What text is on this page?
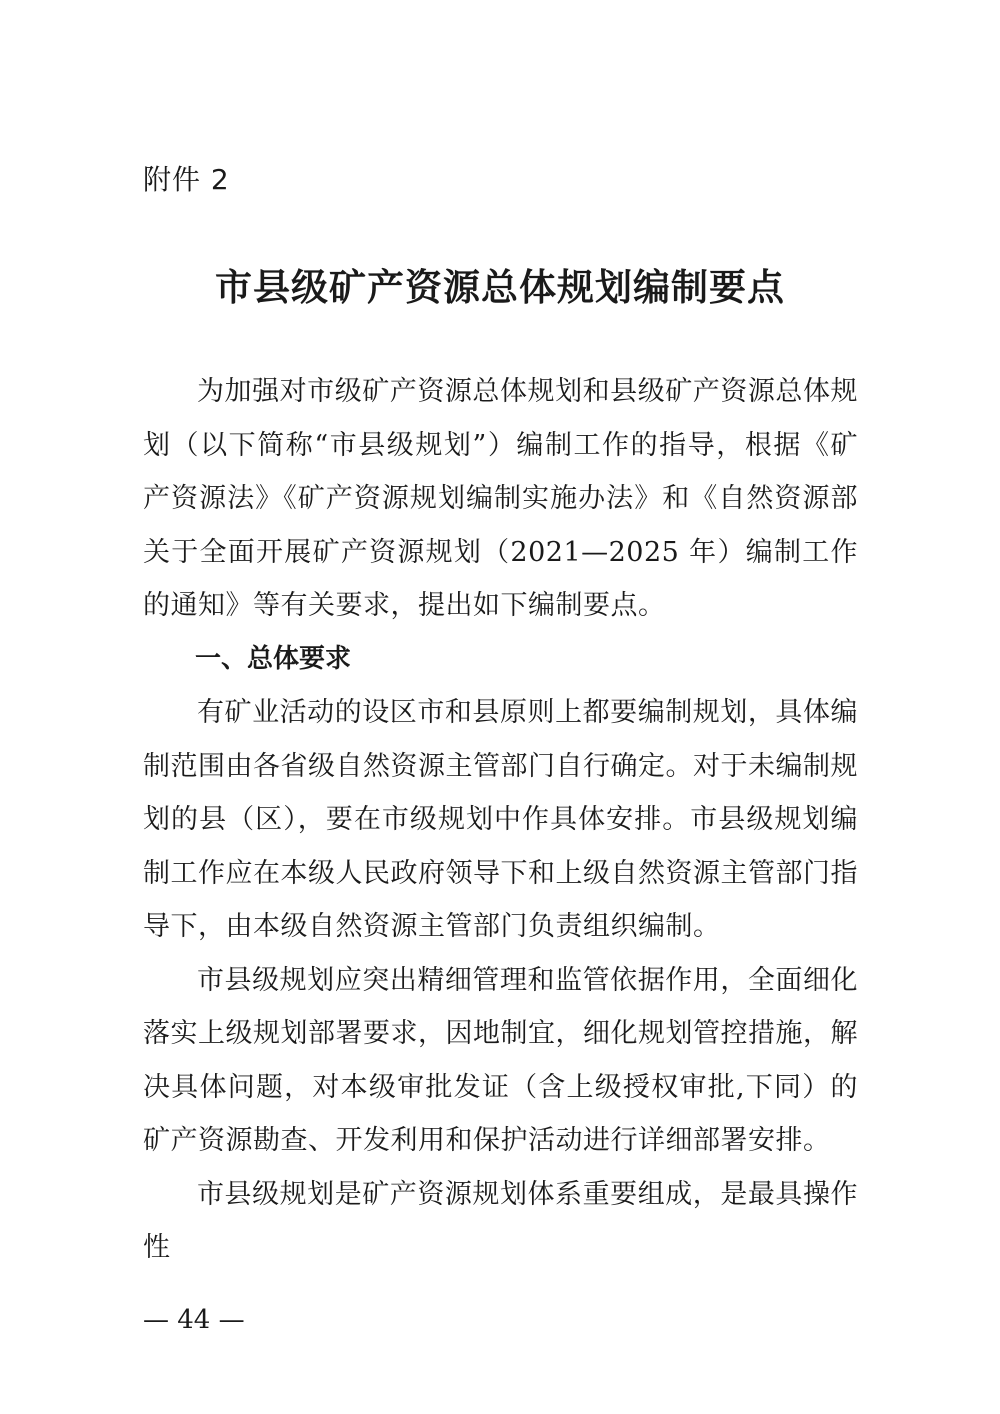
附件 2
市县级矿产资源总体规划编制要点

为加强对市级矿产资源总体规划和县级矿产资源总体规划（以下简称“市县级规划”）编制工作的指导，根据《矿产资源法》《矿产资源规划编制实施办法》和《自然资源部关于全面开展矿产资源规划（2021—2025 年）编制工作的通知》等有关要求，提出如下编制要点。

一、总体要求

有矿业活动的设区市和县原则上都要编制规划，具体编制范围由各省级自然资源主管部门自行确定。对于未编制规划的县（区），要在市级规划中作具体安排。市县级规划编制工作应在本级人民政府领导下和上级自然资源主管部门指导下，由本级自然资源主管部门负责组织编制。

市县级规划应突出精细管理和监管依据作用，全面细化落实上级规划部署要求，因地制宜，细化规划管控措施，解决具体问题，对本级审批发证（含上级授权审批,下同）的矿产资源勘查、开发利用和保护活动进行详细部署安排。

市县级规划是矿产资源规划体系重要组成，是最具操作性

— 44 —
